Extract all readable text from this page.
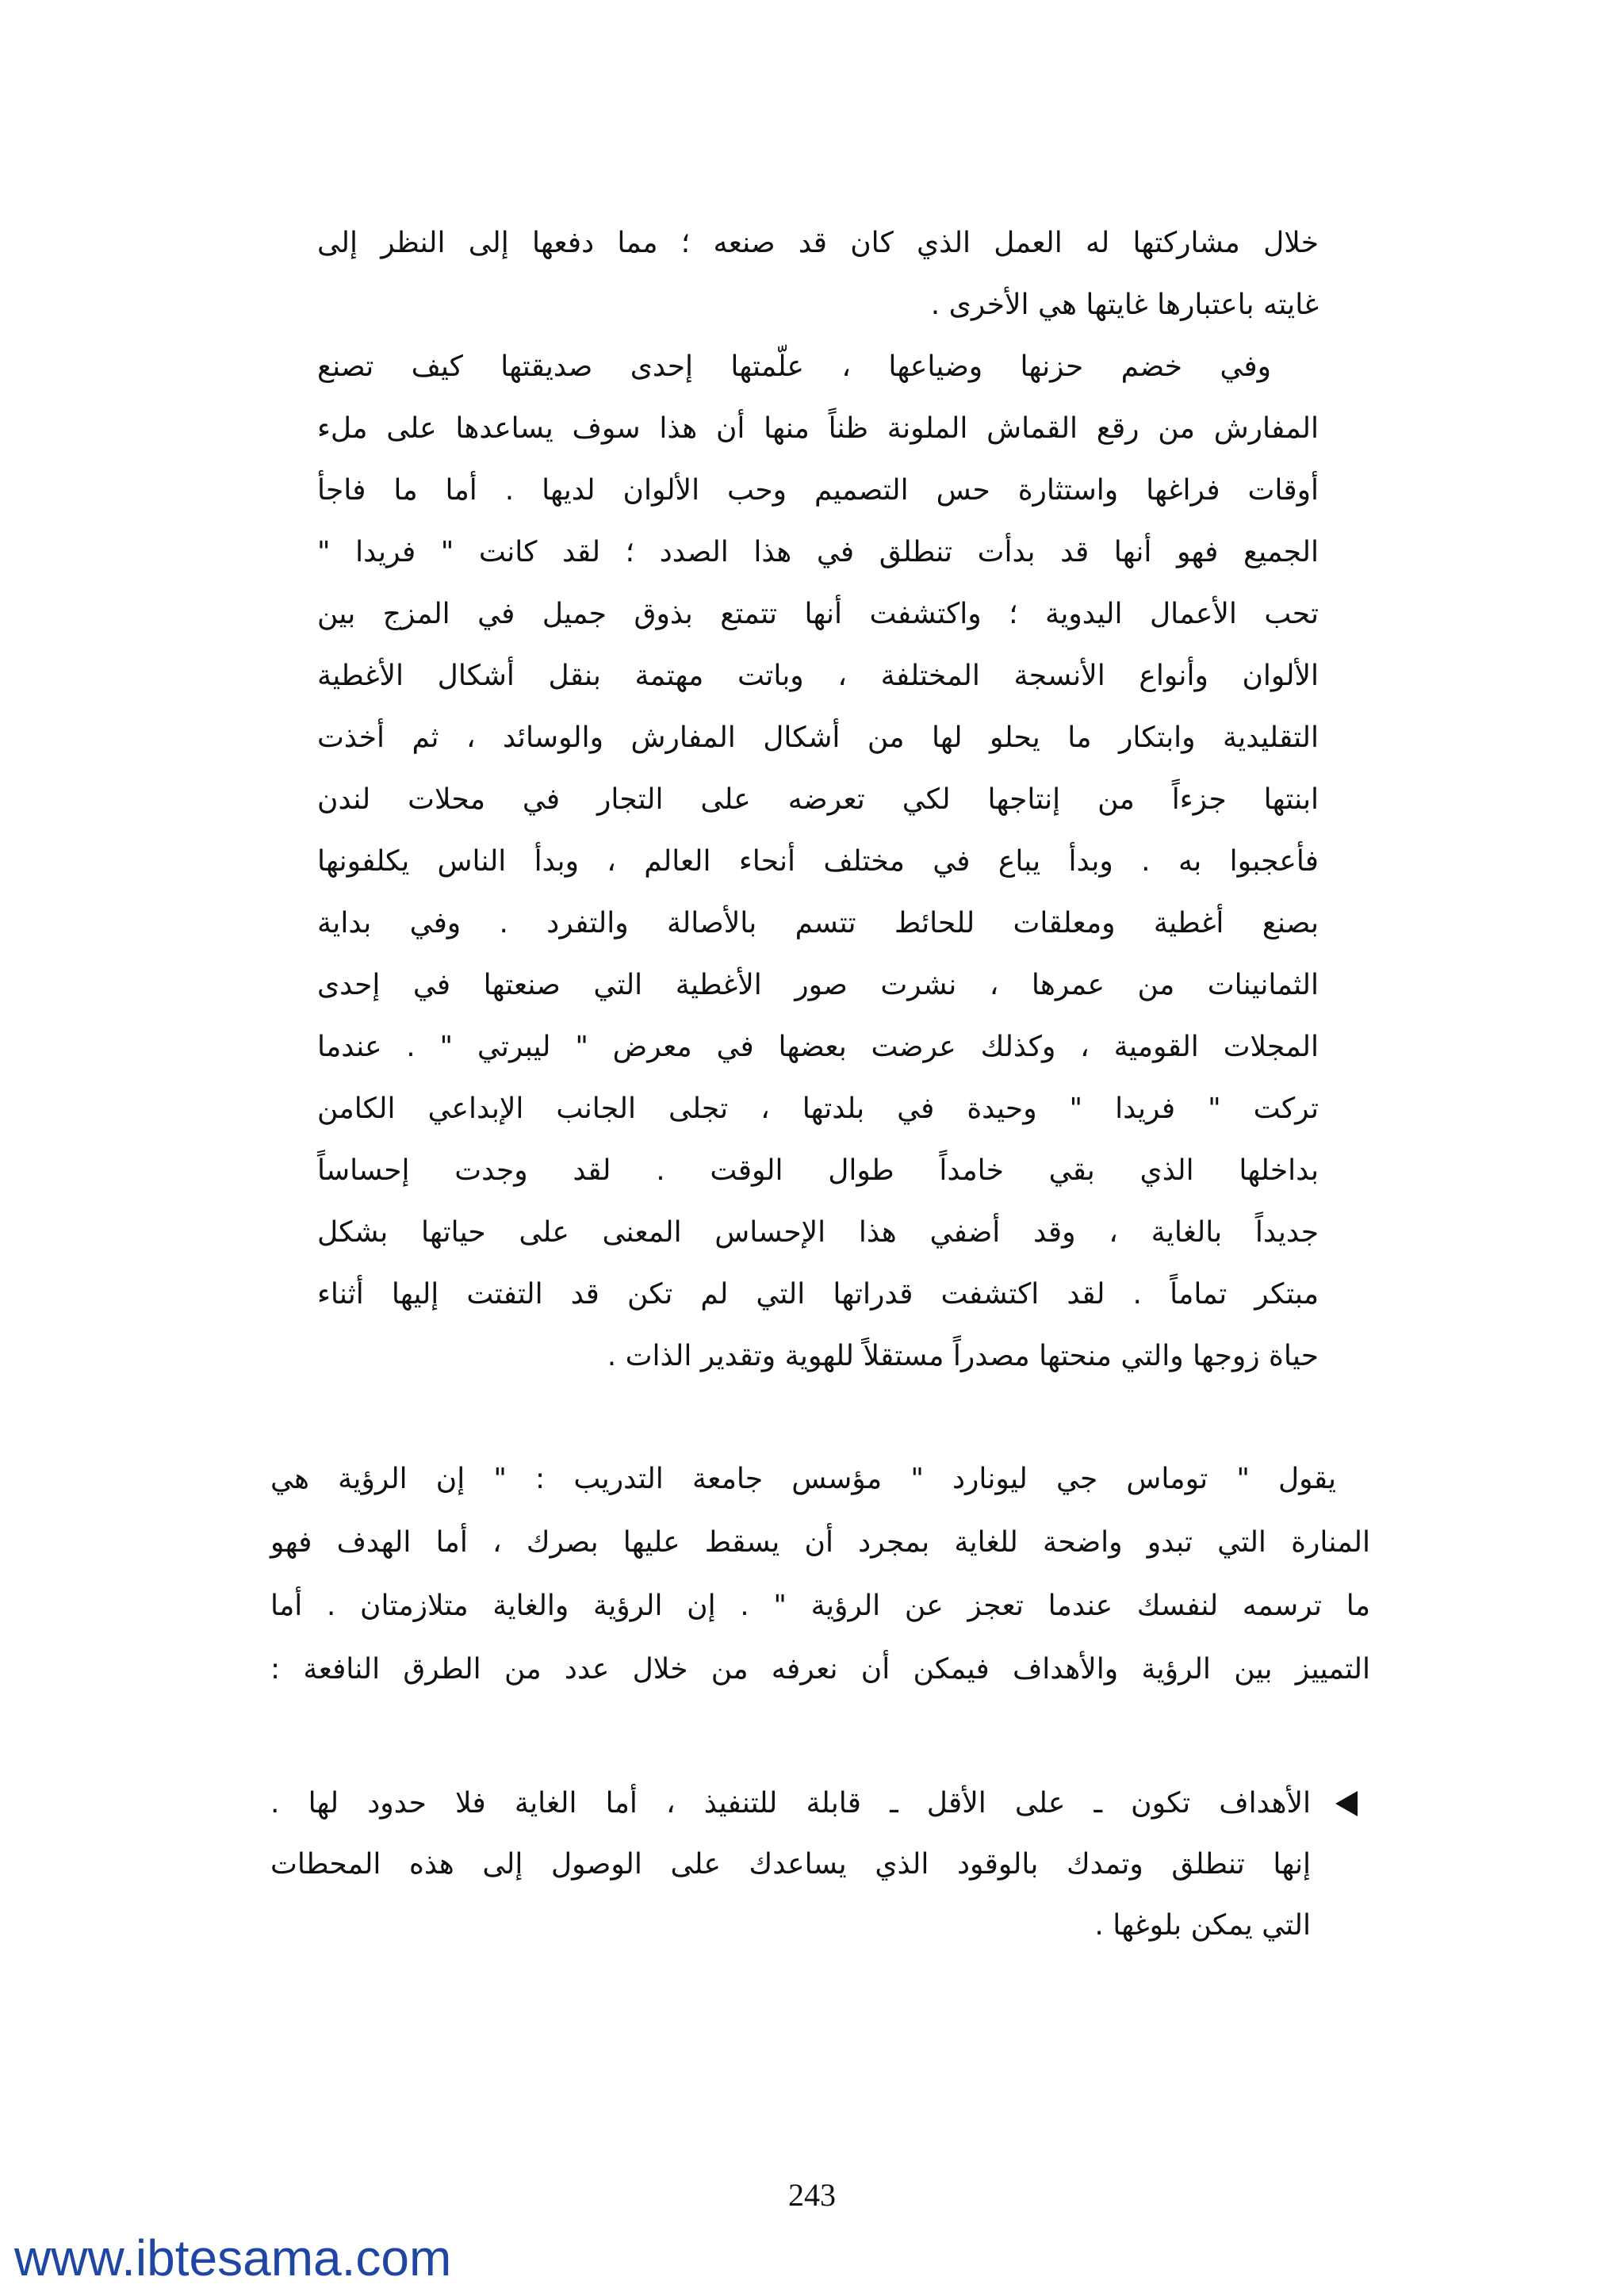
خلال مشاركتها له العمل الذي كان قد صنعه ؛ مما دفعها إلى النظر إلى
غايته باعتبارها غايتها هي الأخرى .
وفي خضم حزنها وضياعها ، علّمتها إحدى صديقتها كيف تصنع
المفارش من رقع القماش الملونة ظناً منها أن هذا سوف يساعدها على ملء
أوقات فراغها واستثارة حس التصميم وحب الألوان لديها . أما ما فاجأ
الجميع فهو أنها قد بدأت تنطلق في هذا الصدد ؛ لقد كانت " فريدا "
تحب الأعمال اليدوية ؛ واكتشفت أنها تتمتع بذوق جميل في المزج بين
الألوان وأنواع الأنسجة المختلفة ، وباتت مهتمة بنقل أشكال الأغطية
التقليدية وابتكار ما يحلو لها من أشكال المفارش والوسائد ، ثم أخذت
ابنتها جزءاً من إنتاجها لكي تعرضه على التجار في محلات لندن
فأعجبوا به . وبدأ يباع في مختلف أنحاء العالم ، وبدأ الناس يكلفونها
بصنع أغطية ومعلقات للحائط تتسم بالأصالة والتفرد . وفي بداية
الثمانينات من عمرها ، نشرت صور الأغطية التي صنعتها في إحدى
المجلات القومية ، وكذلك عرضت بعضها في معرض " ليبرتي " . عندما
تركت " فريدا " وحيدة في بلدتها ، تجلى الجانب الإبداعي الكامن
بداخلها الذي بقي خامداً طوال الوقت . لقد وجدت إحساساً
جديداً بالغاية ، وقد أضفي هذا الإحساس المعنى على حياتها بشكل
مبتكر تماماً . لقد اكتشفت قدراتها التي لم تكن قد التفتت إليها أثناء
حياة زوجها والتي منحتها مصدراً مستقلاً للهوية وتقدير الذات .
يقول " توماس جي ليونارد " مؤسس جامعة التدريب : " إن الرؤية هي
المنارة التي تبدو واضحة للغاية بمجرد أن يسقط عليها بصرك ، أما الهدف فهو
ما ترسمه لنفسك عندما تعجز عن الرؤية " . إن الرؤية والغاية متلازمتان . أما
التمييز بين الرؤية والأهداف فيمكن أن نعرفه من خلال عدد من الطرق النافعة :
الأهداف تكون ـ على الأقل ـ قابلة للتنفيذ ، أما الغاية فلا حدود لها .
إنها تنطلق وتمدك بالوقود الذي يساعدك على الوصول إلى هذه المحطات
التي يمكن بلوغها .
243
www.ibtesama.com
